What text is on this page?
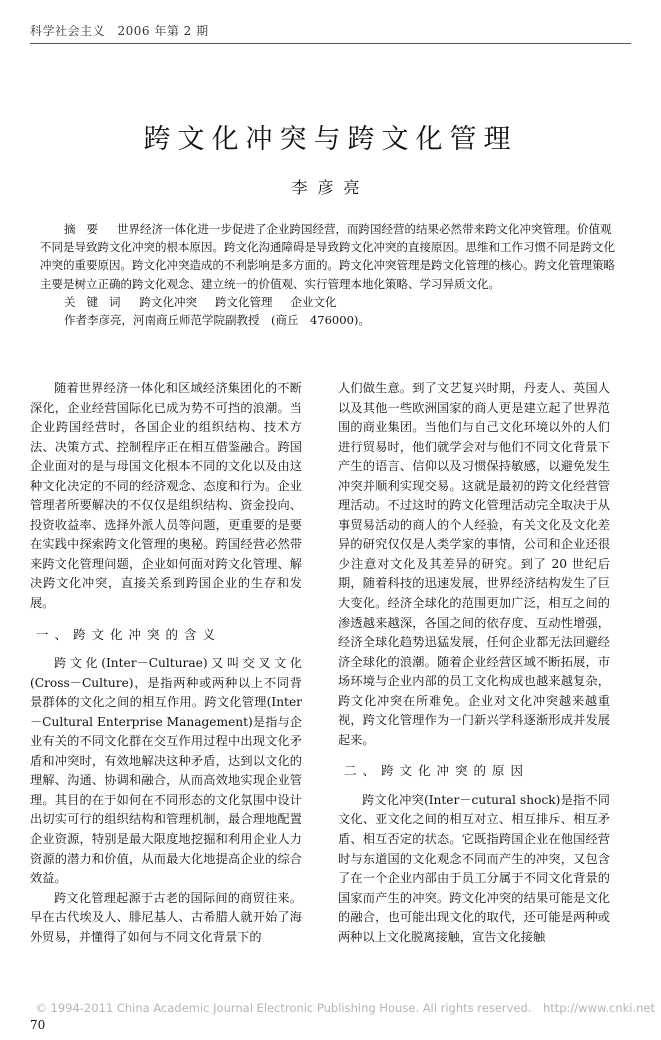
科学社会主义　2006 年第 2 期
跨文化冲突与跨文化管理
李彦亮

摘要 世界经济一体化进一步促进了企业跨国经营，而跨国经营的结果必然带来跨文化冲突管理。价值观不同是导致跨文化冲突的根本原因。跨文化沟通障碍是导致跨文化冲突的直接原因。思维和工作习惯不同是跨文化冲突的重要原因。跨文化冲突造成的不利影响是多方面的。跨文化冲突管理是跨文化管理的核心。跨文化管理策略主要是树立正确的跨文化观念、建立统一的价值观、实行管理本地化策略、学习异质文化。

关键词 跨文化冲突 跨文化管理 企业文化

作者李彦亮，河南商丘师范学院副教授　(商丘　476000)。

随着世界经济一体化和区域经济集团化的不断深化，企业经营国际化已成为势不可挡的浪潮。当企业跨国经营时，各国企业的组织结构、技术方法、决策方式、控制程序正在相互借鉴融合。跨国企业面对的是与母国文化根本不同的文化以及由这种文化决定的不同的经济观念、态度和行为。企业管理者所要解决的不仅仅是组织结构、资金投向、投资收益率、选择外派人员等问题，更重要的是要在实践中探索跨文化管理的奥秘。跨国经营必然带来跨文化管理问题，企业如何面对跨文化管理、解决跨文化冲突，直接关系到跨国企业的生存和发展。

一、跨文化冲突的含义

跨文化(Inter－Culturae)又叫交叉文化(Cross－Culture)，是指两种或两种以上不同背景群体的文化之间的相互作用。跨文化管理(Inter－Cultural Enterprise Management)是指与企业有关的不同文化群在交互作用过程中出现文化矛盾和冲突时，有效地解决这种矛盾，达到以文化的理解、沟通、协调和融合，从而高效地实现企业管理。其目的在于如何在不同形态的文化氛围中设计出切实可行的组织结构和管理机制，最合理地配置企业资源，特别是最大限度地挖掘和利用企业人力资源的潜力和价值，从而最大化地提高企业的综合效益。

跨文化管理起源于古老的国际间的商贸往来。早在古代埃及人、腓尼基人、古希腊人就开始了海外贸易，并懂得了如何与不同文化背景下的

人们做生意。到了文艺复兴时期，丹麦人、英国人以及其他一些欧洲国家的商人更是建立起了世界范围的商业集团。当他们与自己文化环境以外的人们进行贸易时，他们就学会对与他们不同文化背景下产生的语言、信仰以及习惯保持敏感，以避免发生冲突并顺利实现交易。这就是最初的跨文化经营管理活动。不过这时的跨文化管理活动完全取决于从事贸易活动的商人的个人经验，有关文化及文化差异的研究仅仅是人类学家的事情，公司和企业还很少注意对文化及其差异的研究。到了 20 世纪后期，随着科技的迅速发展，世界经济结构发生了巨大变化。经济全球化的范围更加广泛，相互之间的渗透越来越深，各国之间的依存度、互动性增强，经济全球化趋势迅猛发展，任何企业都无法回避经济全球化的浪潮。随着企业经营区域不断拓展，市场环境与企业内部的员工文化构成也越来越复杂，跨文化冲突在所难免。企业对文化冲突越来越重视，跨文化管理作为一门新兴学科逐渐形成并发展起来。

二、跨文化冲突的原因

跨文化冲突(Inter－cutural shock)是指不同文化、亚文化之间的相互对立、相互排斥、相互矛盾、相互否定的状态。它既指跨国企业在他国经营时与东道国的文化观念不同而产生的冲突，又包含了在一个企业内部由于员工分属于不同文化背景的国家而产生的冲突。跨文化冲突的结果可能是文化的融合，也可能出现文化的取代，还可能是两种或两种以上文化脱离接触，宣告文化接触

© 1994-2011 China Academic Journal Electronic Publishing House. All rights reserved.　http://www.cnki.net
70
